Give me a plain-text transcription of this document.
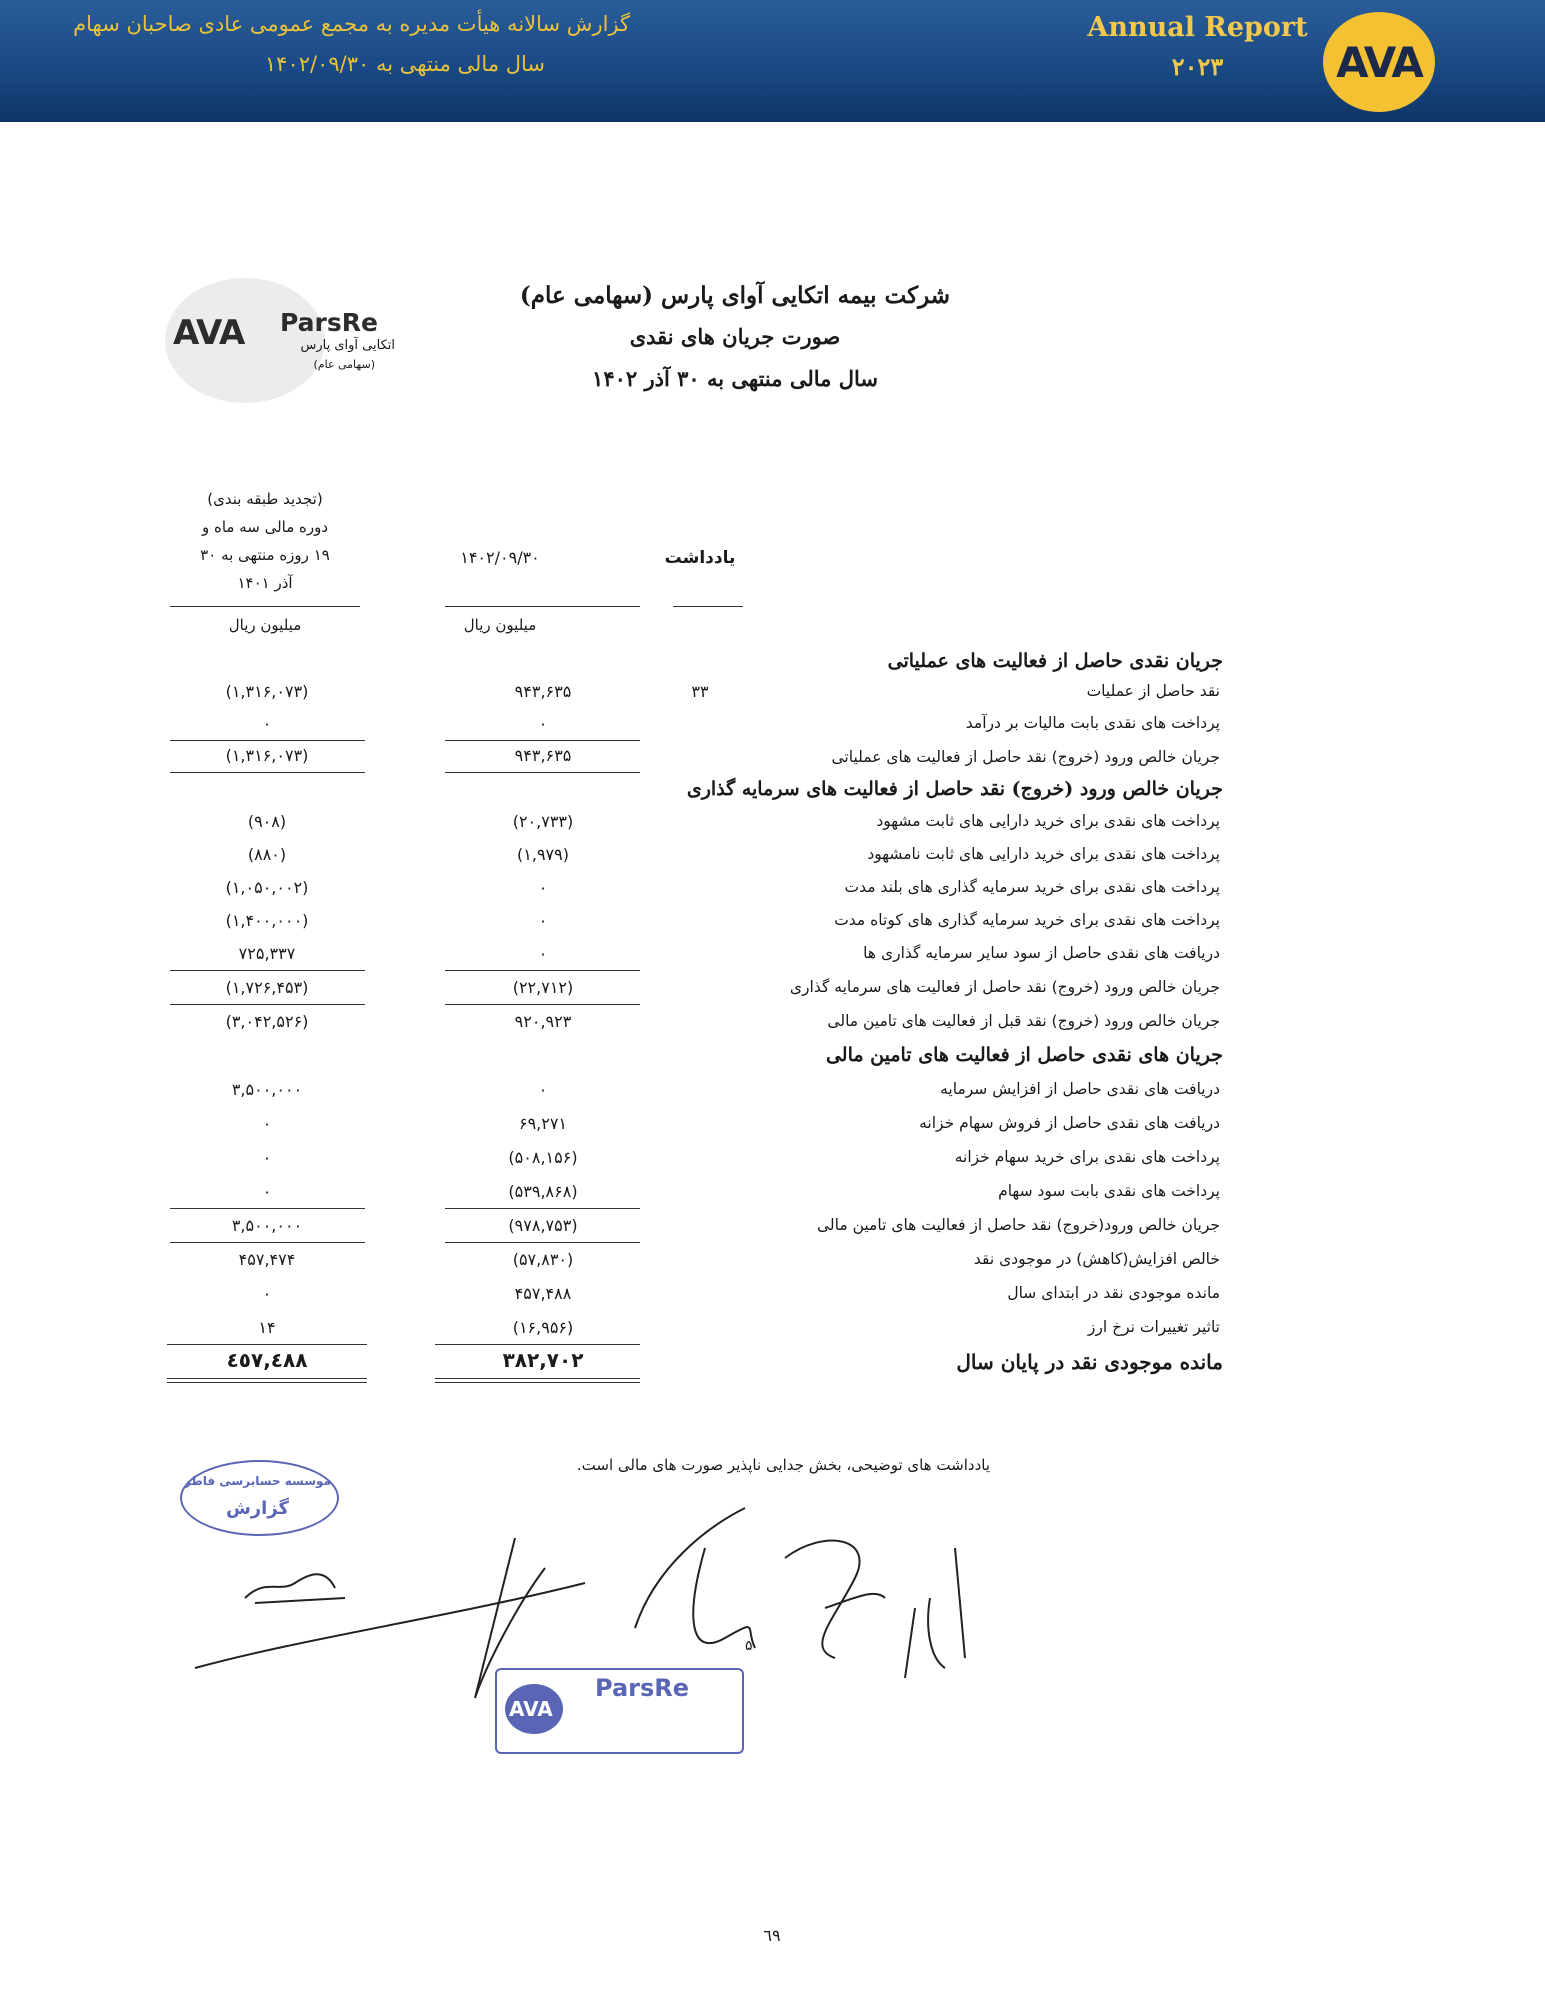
گزارش سالانه هیأت مدیره به مجمع عمومی عادی صاحبان سهام
سال مالی منتهی به ۱۴۰۲/۰۹/۳۰
Annual Report
۲۰۲۳	AVA
AVA ParsRe
اتکایی آوای پارس
(سهامی عام)
شرکت بیمه اتکایی آوای پارس (سهامی عام)
صورت جریان های نقدی
سال مالی منتهی به ۳۰ آذر ۱۴۰۲
(تجدید طبقه بندی)
دوره مالی سه ماه و
۱۹ روزه منتهی به ۳۰
آذر ۱۴۰۱
میلیون ریال
۱۴۰۲/۰۹/۳۰
میلیون ریال
یادداشت
جریان نقدی حاصل از فعالیت های عملیاتی
نقد حاصل از عملیات
۳۳
۹۴۳,۶۳۵
(۱,۳۱۶,۰۷۳)
پرداخت های نقدی بابت مالیات بر درآمد
۰
۰
جریان خالص ورود (خروج) نقد حاصل از فعالیت های عملیاتی
۹۴۳,۶۳۵
(۱,۳۱۶,۰۷۳)
جریان خالص ورود (خروج) نقد حاصل از فعالیت های سرمایه گذاری
پرداخت های نقدی برای خرید دارایی های ثابت مشهود
(۲۰,۷۳۳)
(۹۰۸)
پرداخت های نقدی برای خرید دارایی های ثابت نامشهود
(۱,۹۷۹)
(۸۸۰)
پرداخت های نقدی برای خرید سرمایه گذاری های بلند مدت
۰
(۱,۰۵۰,۰۰۲)
پرداخت های نقدی برای خرید سرمایه گذاری های کوتاه مدت
۰
(۱,۴۰۰,۰۰۰)
دریافت های نقدی حاصل از سود سایر سرمایه گذاری ها
۰
۷۲۵,۳۳۷
جریان خالص ورود (خروج) نقد حاصل از فعالیت های سرمایه گذاری
(۲۲,۷۱۲)
(۱,۷۲۶,۴۵۳)
جریان خالص ورود (خروج) نقد قبل از فعالیت های تامین مالی
۹۲۰,۹۲۳
(۳,۰۴۲,۵۲۶)
جریان های نقدی حاصل از فعالیت های تامین مالی
دریافت های نقدی حاصل از افزایش سرمایه
۰
۳,۵۰۰,۰۰۰
دریافت های نقدی حاصل از فروش سهام خزانه
۶۹,۲۷۱
۰
پرداخت های نقدی برای خرید سهام خزانه
(۵۰۸,۱۵۶)
۰
پرداخت های نقدی بابت سود سهام
(۵۳۹,۸۶۸)
۰
جریان خالص ورود(خروج) نقد حاصل از فعالیت های تامین مالی
(۹۷۸,۷۵۳)
۳,۵۰۰,۰۰۰
خالص افزایش(کاهش) در موجودی نقد
(۵۷,۸۳۰)
۴۵۷,۴۷۴
مانده موجودی نقد در ابتدای سال
۴۵۷,۴۸۸
۰
تاثیر تغییرات نرخ ارز
(۱۶,۹۵۶)
۱۴
مانده موجودی نقد در پایان سال
۳۸۲,۷۰۲
٤٥٧,٤٨٨
یادداشت های توضیحی، بخش جدایی ناپذیر صورت های مالی است.
موسسه حسابرسی فاطر
گزارش
۵
AVA
ParsRe
٦٩
